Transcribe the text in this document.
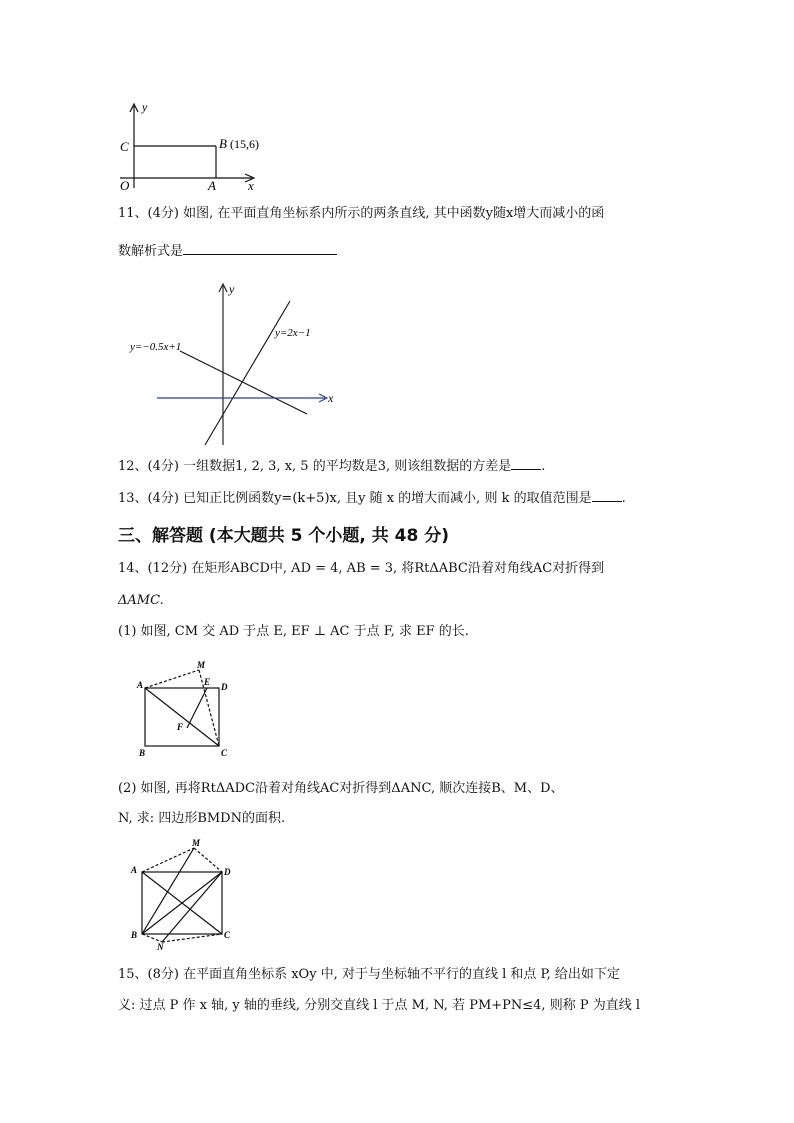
y
x
C	B (15,6)
O	A
11、(4分) 如图, 在平面直角坐标系内所示的两条直线, 其中函数y随x增大而减小的函
数解析式是
y
x
y=2x−1
y=−0.5x+1
12、(4分) 一组数据1, 2, 3, x, 5 的平均数是3, 则该组数据的方差是 .
13、(4分) 已知正比例函数y=(k+5)x, 且y 随 x 的增大而减小, 则 k 的取值范围是 .
三、解答题 (本大题共 5 个小题, 共 48 分)
14、(12分) 在矩形ABCD中, AD = 4, AB = 3, 将RtΔABC沿着对角线AC对折得到
ΔAMC.
(1) 如图, CM 交 AD 于点 E, EF ⊥ AC 于点 F, 求 EF 的长.
A
M
E D
F
B	C
(2) 如图, 再将RtΔADC沿着对角线AC对折得到ΔANC, 顺次连接B、M、D、
N, 求: 四边形BMDN的面积.
A
M
D
B
N
C
15、(8分) 在平面直角坐标系 xOy 中, 对于与坐标轴不平行的直线 l 和点 P, 给出如下定
义: 过点 P 作 x 轴, y 轴的垂线, 分别交直线 l 于点 M, N, 若 PM+PN≤4, 则称 P 为直线 l
